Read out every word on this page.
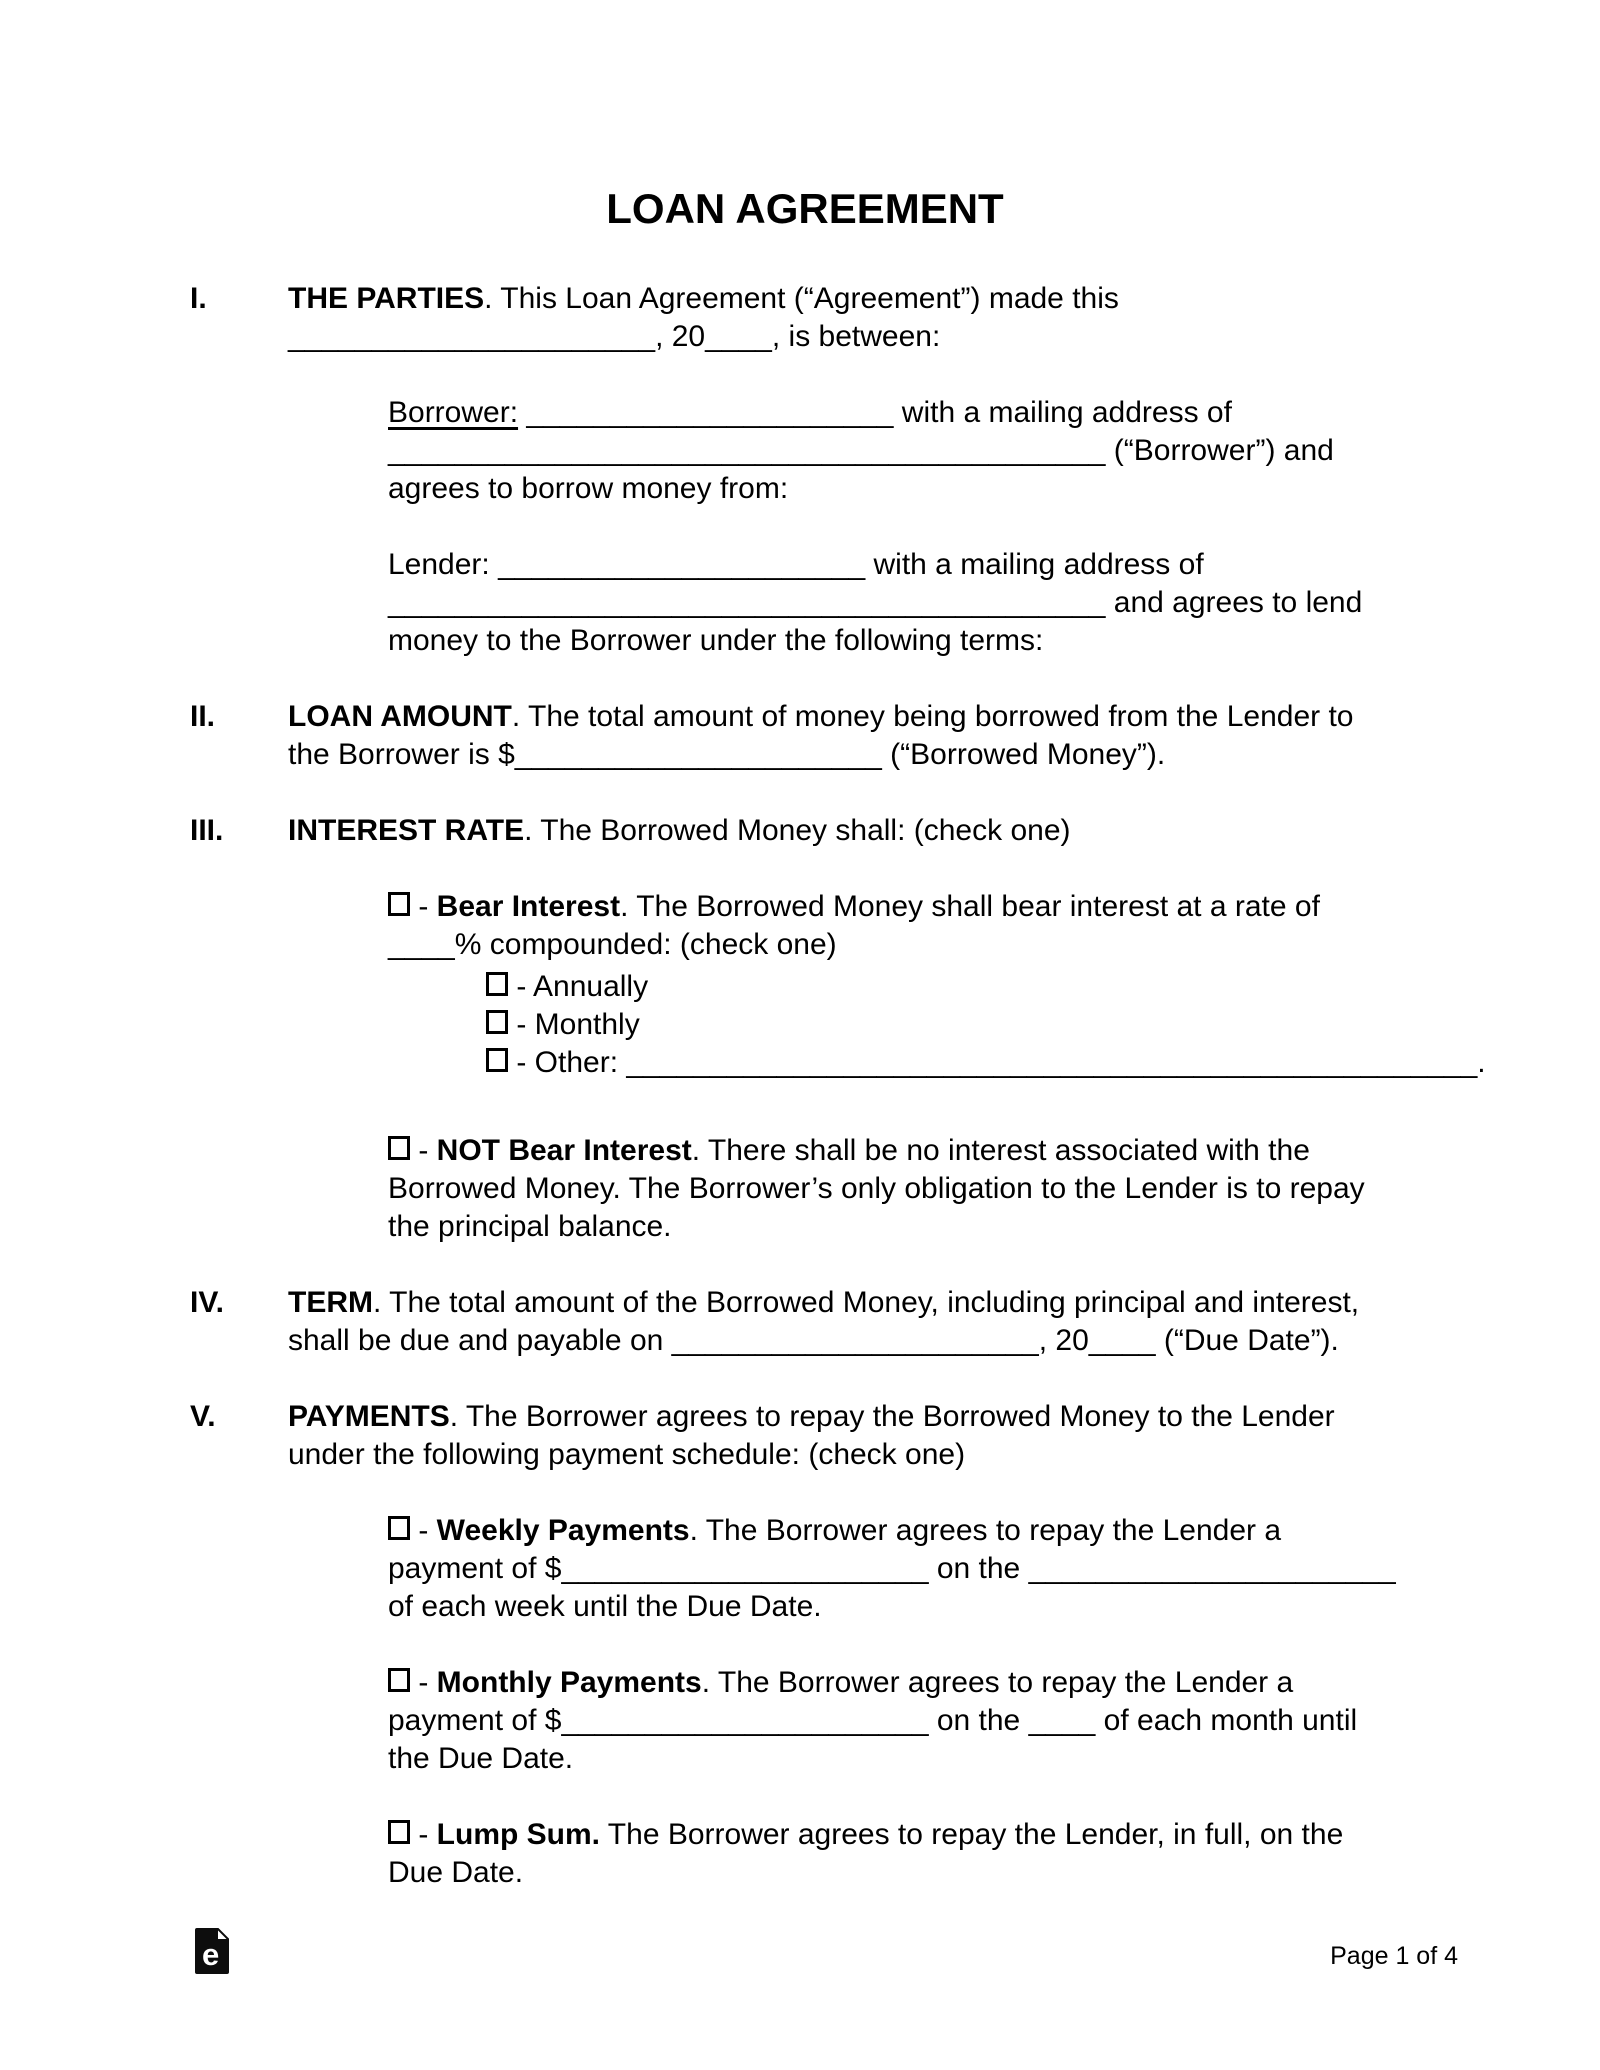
LOAN AGREEMENT
I.	THE PARTIES. This Loan Agreement (“Agreement”) made this
______________________, 20____, is between:
Borrower: ______________________ with a mailing address of
___________________________________________ (“Borrower”) and
agrees to borrow money from:
Lender: ______________________ with a mailing address of
___________________________________________ and agrees to lend
money to the Borrower under the following terms:
II.	LOAN AMOUNT. The total amount of money being borrowed from the Lender to
the Borrower is $______________________ (“Borrowed Money”).
III.	INTEREST RATE. The Borrowed Money shall: (check one)
- Bear Interest. The Borrowed Money shall bear interest at a rate of
____% compounded: (check one)
- Annually
- Monthly
- Other: ___________________________________________________.
- NOT Bear Interest. There shall be no interest associated with the
Borrowed Money. The Borrower’s only obligation to the Lender is to repay
the principal balance.
IV.	TERM. The total amount of the Borrowed Money, including principal and interest,
shall be due and payable on ______________________, 20____ (“Due Date”).
V.	PAYMENTS. The Borrower agrees to repay the Borrowed Money to the Lender
under the following payment schedule: (check one)
- Weekly Payments. The Borrower agrees to repay the Lender a
payment of $______________________ on the ______________________
of each week until the Due Date.
- Monthly Payments. The Borrower agrees to repay the Lender a
payment of $______________________ on the ____ of each month until
the Due Date.
- Lump Sum. The Borrower agrees to repay the Lender, in full, on the
Due Date.
e	Page 1 of 4
